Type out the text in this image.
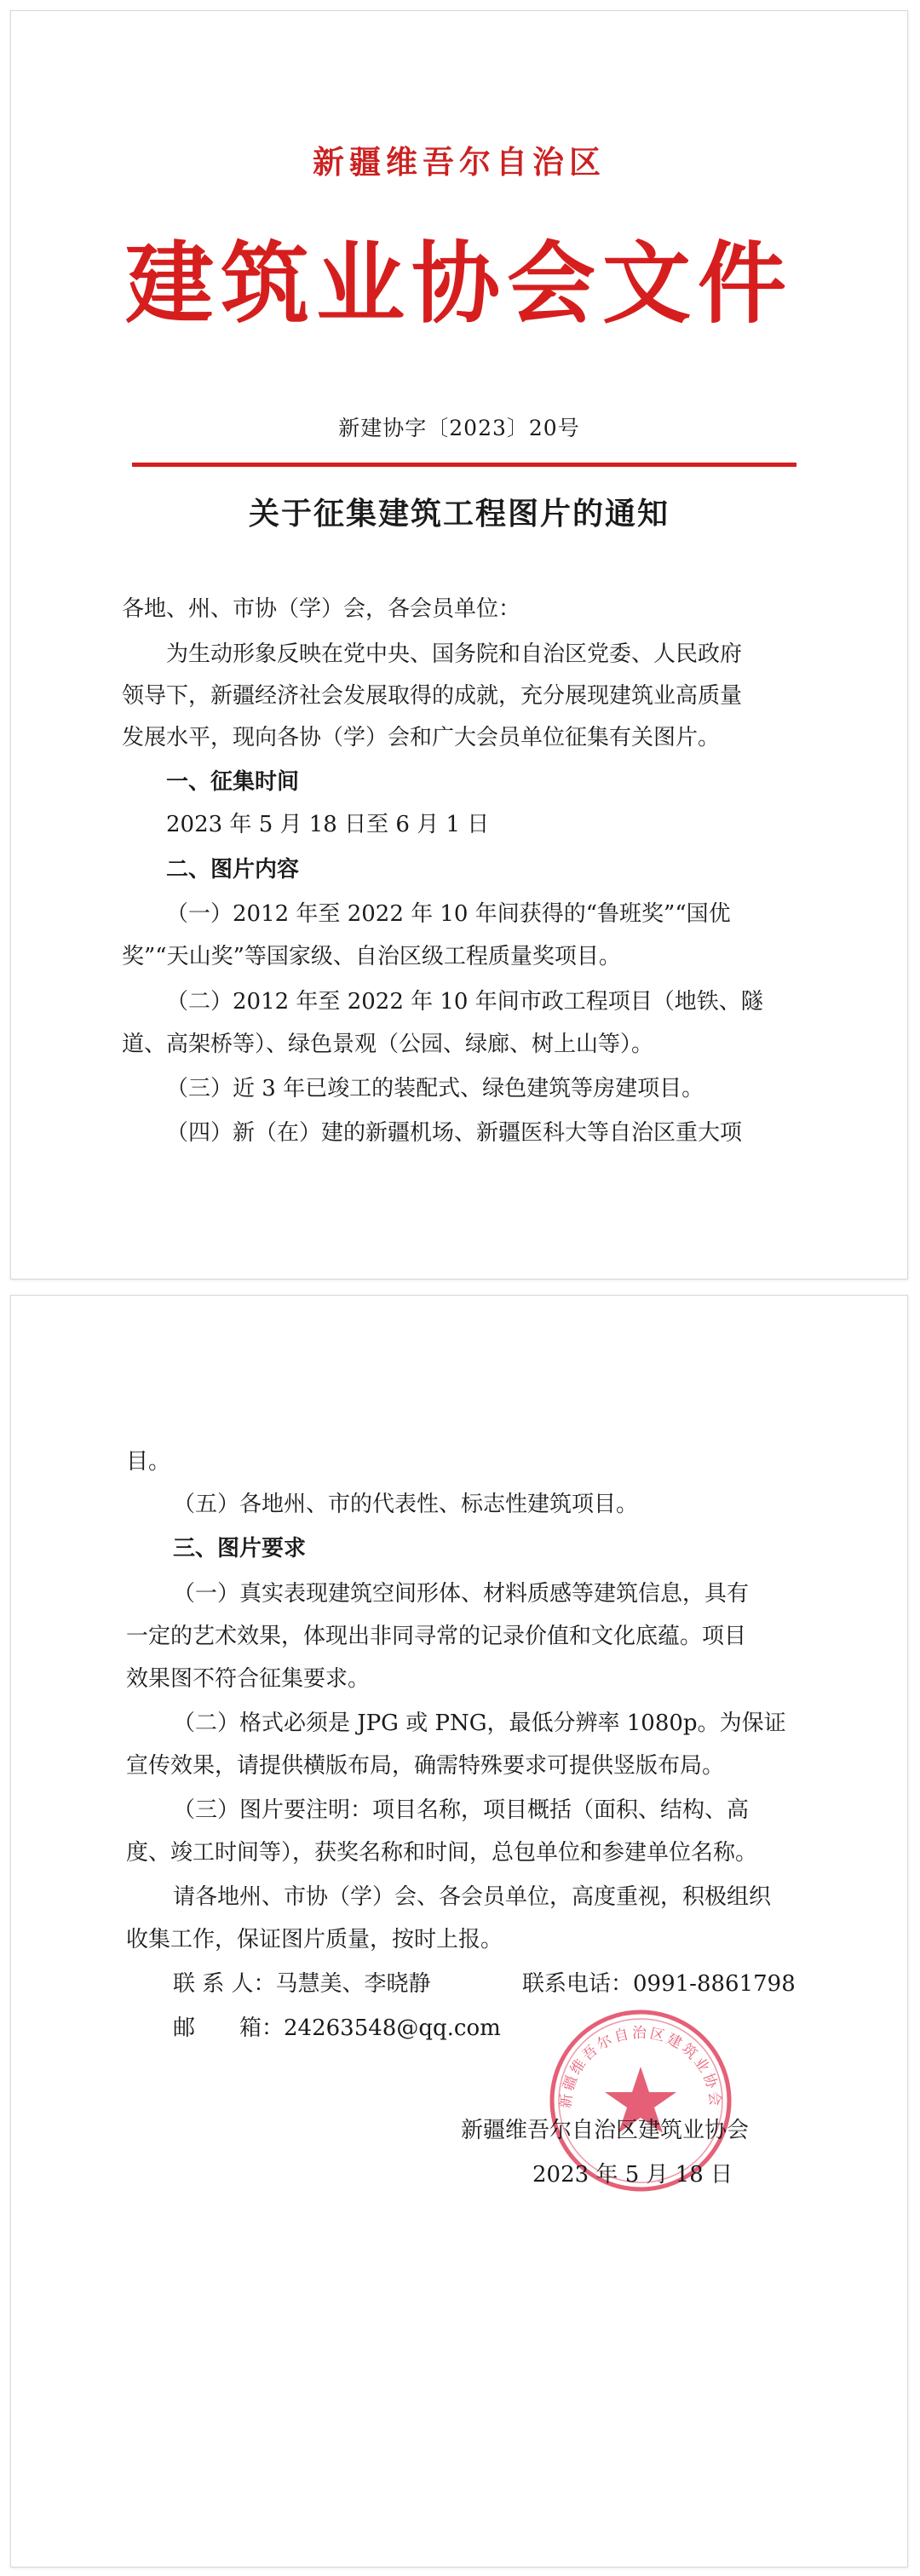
新疆维吾尔自治区
建筑业协会文件
新建协字〔2023〕20号
关于征集建筑工程图片的通知
各地、州、市协（学）会，各会员单位：
为生动形象反映在党中央、国务院和自治区党委、人民政府
领导下，新疆经济社会发展取得的成就，充分展现建筑业高质量
发展水平，现向各协（学）会和广大会员单位征集有关图片。
一、征集时间
2023 年 5 月 18 日至 6 月 1 日
二、图片内容
（一）2012 年至 2022 年 10 年间获得的“鲁班奖”“国优
奖”“天山奖”等国家级、自治区级工程质量奖项目。
（二）2012 年至 2022 年 10 年间市政工程项目（地铁、隧
道、高架桥等）、绿色景观（公园、绿廊、树上山等）。
（三）近 3 年已竣工的装配式、绿色建筑等房建项目。
（四）新（在）建的新疆机场、新疆医科大等自治区重大项
目。
（五）各地州、市的代表性、标志性建筑项目。
三、图片要求
（一）真实表现建筑空间形体、材料质感等建筑信息，具有
一定的艺术效果，体现出非同寻常的记录价值和文化底蕴。项目
效果图不符合征集要求。
（二）格式必须是 JPG 或 PNG，最低分辨率 1080p。为保证
宣传效果，请提供横版布局，确需特殊要求可提供竖版布局。
（三）图片要注明：项目名称，项目概括（面积、结构、高
度、竣工时间等），获奖名称和时间，总包单位和参建单位名称。
请各地州、市协（学）会、各会员单位，高度重视，积极组织
收集工作，保证图片质量，按时上报。
联 系 人：马慧美、李晓静	联系电话：0991-8861798
邮　　箱：24263548@qq.com
新疆维吾尔自治区建筑业协会
新疆维吾尔自治区建筑业协会
2023 年 5 月 18 日
